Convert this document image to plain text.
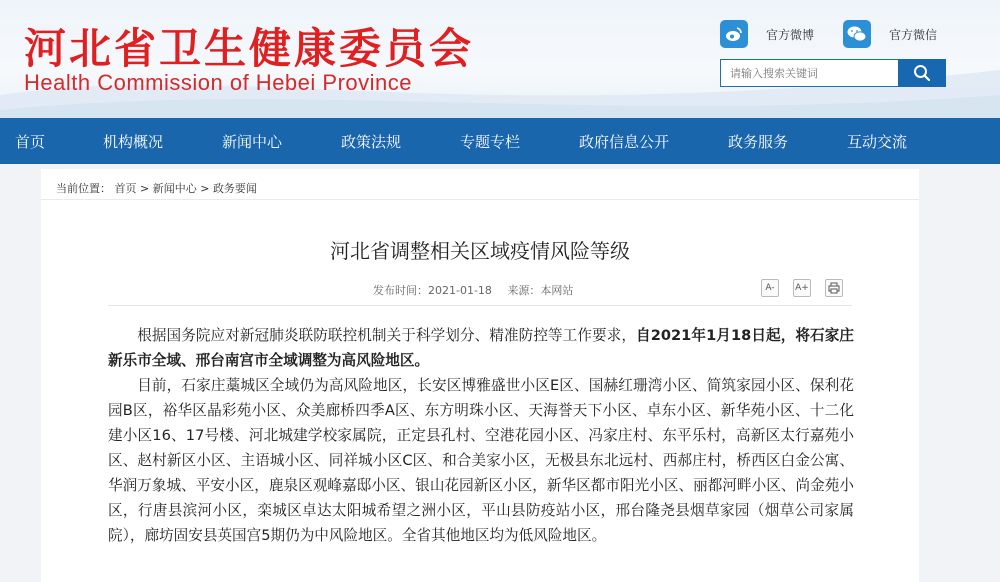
河北省卫生健康委员会
Health Commission of Hebei Province
官方微博	官方微信
请输入搜索关键词
首页	机构概况	新闻中心	政策法规	专题专栏	政府信息公开	政务服务	互动交流
当前位置： 首页 > 新闻中心 > 政务要闻
河北省调整相关区域疫情风险等级
发布时间：2021-01-18 来源：本网站	A- A+

根据国务院应对新冠肺炎联防联控机制关于科学划分、精准防控等工作要求，自2021年1月18日起，将石家庄新乐市全域、邢台南宫市全域调整为高风险地区。

目前，石家庄藁城区全域仍为高风险地区，长安区博雅盛世小区E区、国赫红珊湾小区、简筑家园小区、保利花园B区，裕华区晶彩苑小区、众美廊桥四季A区、东方明珠小区、天海誉天下小区、卓东小区、新华苑小区、十二化建小区16、17号楼、河北城建学校家属院，正定县孔村、空港花园小区、冯家庄村、东平乐村，高新区太行嘉苑小区、赵村新区小区、主语城小区、同祥城小区C区、和合美家小区，无极县东北远村、西郝庄村，桥西区白金公寓、华润万象城、平安小区，鹿泉区观峰嘉邸小区、银山花园新区小区，新华区都市阳光小区、丽都河畔小区、尚金苑小区，行唐县滨河小区，栾城区卓达太阳城希望之洲小区，平山县防疫站小区，邢台隆尧县烟草家园（烟草公司家属院），廊坊固安县英国宫5期仍为中风险地区。全省其他地区均为低风险地区。
